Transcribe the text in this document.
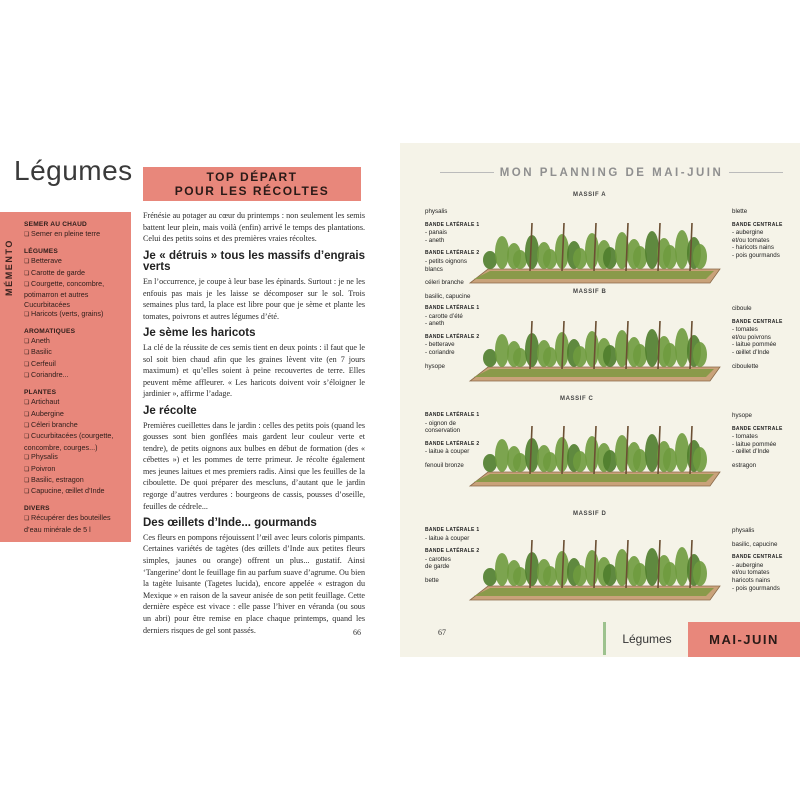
Légumes
MÉMENTO
SEMER AU CHAUD
❏ Semer en pleine terre
LÉGUMES
❏ Betterave
❏ Carotte de garde
❏ Courgette, concombre, potimarron et autres Cucurbitacées
❏ Haricots (verts, grains)
AROMATIQUES
❏ Aneth
❏ Basilic
❏ Cerfeuil
❏ Coriandre...
PLANTES
❏ Artichaut
❏ Aubergine
❏ Céleri branche
❏ Cucurbitacées (courgette, concombre, courges...)
❏ Physalis
❏ Poivron
❏ Basilic, estragon
❏ Capucine, œillet d’Inde
DIVERS
❏ Récupérer des bouteilles d’eau minérale de 5 l
TOP DÉPART
POUR LES RÉCOLTES

Frénésie au potager au cœur du printemps : non seulement les semis battent leur plein, mais voilà (enfin) arrivé le temps des plantations. Celui des petits soins et des premières vraies récoltes.

Je « détruis » tous les massifs d’engrais verts

En l’occurrence, je coupe à leur base les épinards. Surtout : je ne les enfouis pas mais je les laisse se décomposer sur le sol. Trois semaines plus tard, la place est libre pour que je sème et plante les tomates, poivrons et autres légumes d’été.

Je sème les haricots

La clé de la réussite de ces semis tient en deux points : il faut que le sol soit bien chaud afin que les graines lèvent vite (en 7 jours maximum) et qu’elles soient à peine recouvertes de terre. Elles peuvent même affleurer. « Les haricots doivent voir s’éloigner le jardinier », affirme l’adage.

Je récolte

Premières cueillettes dans le jardin : celles des petits pois (quand les gousses sont bien gonflées mais gardent leur couleur verte et tendre), de petits oignons aux bulbes en début de formation (des « cébettes ») et les pommes de terre primeur. Je récolte également mes jeunes laitues et mes premiers radis. Ainsi que les feuilles de la ciboulette. De quoi préparer des mescluns, d’autant que le jardin regorge d’autres verdures : bourgeons de cassis, pousses d’oseille, feuilles de cédrele...

Des œillets d’Inde... gourmands

Ces fleurs en pompons réjouissent l’œil avec leurs coloris pimpants. Certaines variétés de tagètes (des œillets d’Inde aux petites fleurs simples, jaunes ou orange) offrent un plus... gustatif. Ainsi ‘Tangerine’ dont le feuillage fin au parfum suave d’agrume. Ou bien la tagète luisante (Tagetes lucida), encore appelée « estragon du Mexique » en raison de la saveur anisée de son petit feuillage. Cette dernière espèce est vivace : elle passe l’hiver en véranda (ou sous un abri) pour être remise en place chaque printemps, quand les derniers risques de gel sont passés.	66
MON PLANNING DE MAI-JUIN
MASSIF A
physalis
BANDE LATÉRALE 1
- panais
- aneth
BANDE LATÉRALE 2
- petits oignons
blancs
céleri branche
basilic, capucine
blette
BANDE CENTRALE
- aubergine
et/ou tomates
- haricots nains
- pois gourmands
MASSIF B
BANDE LATÉRALE 1
- carotte d’été
- aneth
BANDE LATÉRALE 2
- betterave
- coriandre
hysope
ciboule
BANDE CENTRALE
- tomates
et/ou poivrons
- laitue pommée
- œillet d’Inde
ciboulette
MASSIF C
BANDE LATÉRALE 1
- oignon de
conservation
BANDE LATÉRALE 2
- laitue à couper
fenouil bronze
hysope
BANDE CENTRALE
- tomates
- laitue pommée
- œillet d’Inde
estragon
MASSIF D
BANDE LATÉRALE 1
- laitue à couper
BANDE LATÉRALE 2
- carottes
de garde
bette
physalis
basilic, capucine
BANDE CENTRALE
- aubergine
et/ou tomates
haricots nains
- pois gourmands
67	Légumes	MAI-JUIN
